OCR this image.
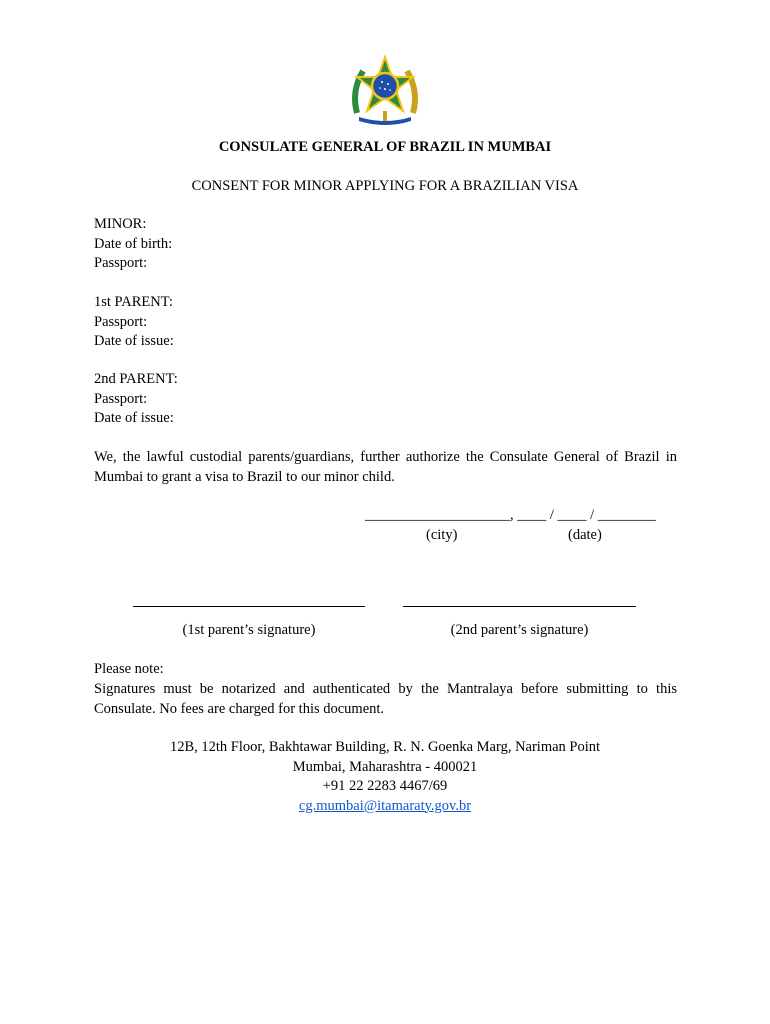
CONSULATE GENERAL OF BRAZIL IN MUMBAI
CONSENT FOR MINOR APPLYING FOR A BRAZILIAN VISA
MINOR:
Date of birth:
Passport:
1st PARENT:
Passport:
Date of issue:
2nd PARENT:
Passport:
Date of issue:
We, the lawful custodial parents/guardians, further authorize the Consulate General of Brazil in Mumbai to grant a visa to Brazil to our minor child.
____________________, ____ / ____ / ________
(city)	(date)
(1st parent’s signature)	(2nd parent’s signature)
Please note:
Signatures must be notarized and authenticated by the Mantralaya before submitting to this Consulate. No fees are charged for this document.
12B, 12th Floor, Bakhtawar Building, R. N. Goenka Marg, Nariman Point
Mumbai, Maharashtra - 400021
+91 22 2283 4467/69
cg.mumbai@itamaraty.gov.br
